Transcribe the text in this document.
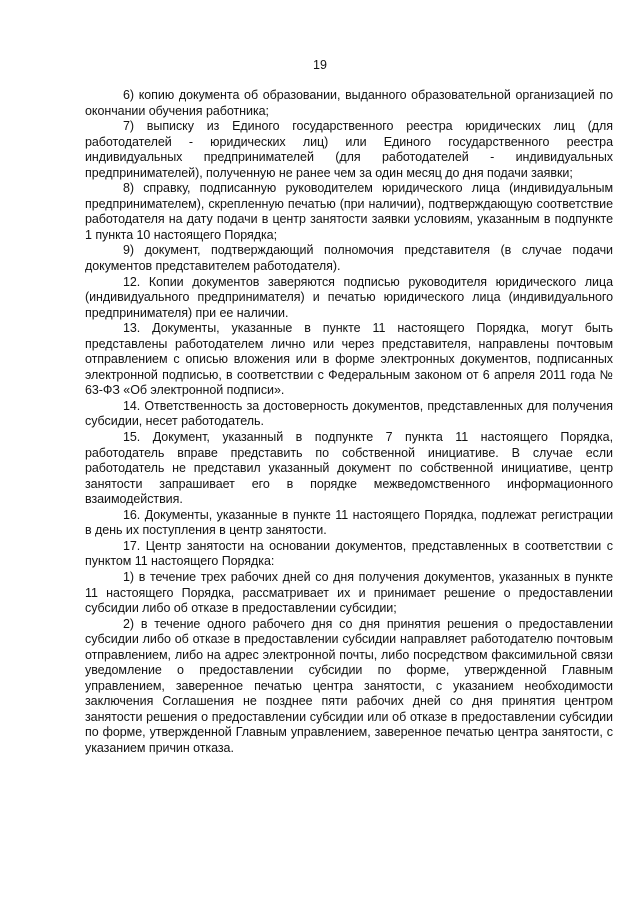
19

6) копию документа об образовании, выданного образовательной организацией по окончании обучения работника;

7) выписку из Единого государственного реестра юридических лиц (для работодателей - юридических лиц) или Единого государственного реестра индивидуальных предпринимателей (для работодателей - индивидуальных предпринимателей), полученную не ранее чем за один месяц до дня подачи заявки;

8) справку, подписанную руководителем юридического лица (индивидуальным предпринимателем), скрепленную печатью (при наличии), подтверждающую соответствие работодателя на дату подачи в центр занятости заявки условиям, указанным в подпункте 1 пункта 10 настоящего Порядка;

9) документ, подтверждающий полномочия представителя (в случае подачи документов представителем работодателя).

12. Копии документов заверяются подписью руководителя юридического лица (индивидуального предпринимателя) и печатью юридического лица (индивидуального предпринимателя) при ее наличии.

13. Документы, указанные в пункте 11 настоящего Порядка, могут быть представлены работодателем лично или через представителя, направлены почтовым отправлением с описью вложения или в форме электронных документов, подписанных электронной подписью, в соответствии с Федеральным законом от 6 апреля 2011 года № 63-ФЗ «Об электронной подписи».

14. Ответственность за достоверность документов, представленных для получения субсидии, несет работодатель.

15. Документ, указанный в подпункте 7 пункта 11 настоящего Порядка, работодатель вправе представить по собственной инициативе. В случае если работодатель не представил указанный документ по собственной инициативе, центр занятости запрашивает его в порядке межведомственного информационного взаимодействия.

16. Документы, указанные в пункте 11 настоящего Порядка, подлежат регистрации в день их поступления в центр занятости.

17. Центр занятости на основании документов, представленных в соответствии с пунктом 11 настоящего Порядка:

1) в течение трех рабочих дней со дня получения документов, указанных в пункте 11 настоящего Порядка, рассматривает их и принимает решение о предоставлении субсидии либо об отказе в предоставлении субсидии;

2) в течение одного рабочего дня со дня принятия решения о предоставлении субсидии либо об отказе в предоставлении субсидии направляет работодателю почтовым отправлением, либо на адрес электронной почты, либо посредством факсимильной связи уведомление о предоставлении субсидии по форме, утвержденной Главным управлением, заверенное печатью центра занятости, с указанием необходимости заключения Соглашения не позднее пяти рабочих дней со дня принятия центром занятости решения о предоставлении субсидии или об отказе в предоставлении субсидии по форме, утвержденной Главным управлением, заверенное печатью центра занятости, с указанием причин отказа.
